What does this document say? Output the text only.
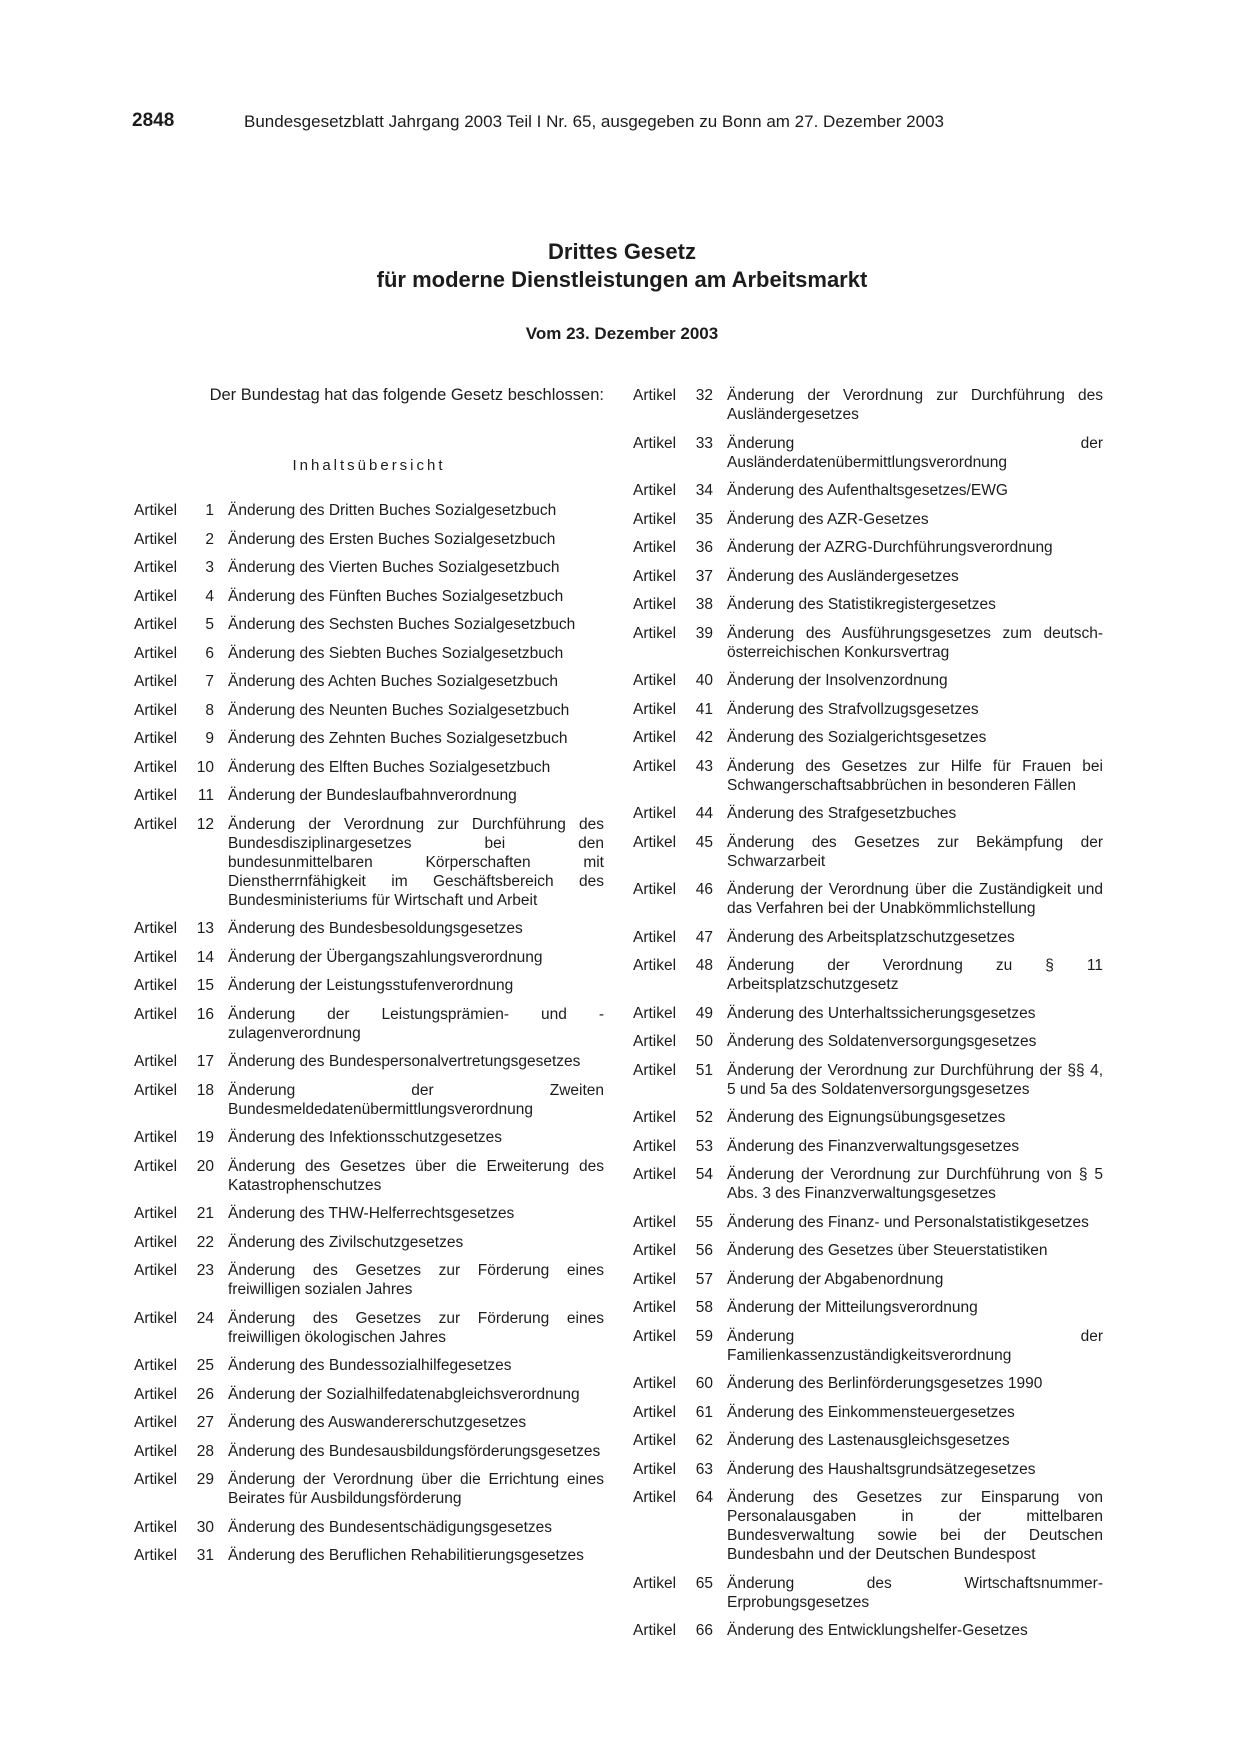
2848	Bundesgesetzblatt Jahrgang 2003 Teil I Nr. 65, ausgegeben zu Bonn am 27. Dezember 2003
Drittes Gesetz
für moderne Dienstleistungen am Arbeitsmarkt
Vom 23. Dezember 2003
Der Bundestag hat das folgende Gesetz beschlossen:
Inhaltsübersicht
Artikel	1 Änderung des Dritten Buches Sozialgesetzbuch
Artikel	2 Änderung des Ersten Buches Sozialgesetzbuch
Artikel	3 Änderung des Vierten Buches Sozialgesetzbuch
Artikel	4 Änderung des Fünften Buches Sozialgesetzbuch
Artikel	5 Änderung des Sechsten Buches Sozialgesetzbuch
Artikel	6 Änderung des Siebten Buches Sozialgesetzbuch
Artikel	7 Änderung des Achten Buches Sozialgesetzbuch
Artikel	8 Änderung des Neunten Buches Sozialgesetzbuch
Artikel	9 Änderung des Zehnten Buches Sozialgesetzbuch
Artikel	10 Änderung des Elften Buches Sozialgesetzbuch
Artikel	11 Änderung der Bundeslaufbahnverordnung
Artikel	12 Änderung der Verordnung zur Durchführung des Bundesdisziplinargesetzes bei den bundesunmittelbaren Körperschaften mit Dienstherrnfähigkeit im Geschäftsbereich des Bundesministeriums für Wirtschaft und Arbeit
Artikel	13 Änderung des Bundesbesoldungsgesetzes
Artikel	14 Änderung der Übergangszahlungsverordnung
Artikel	15 Änderung der Leistungsstufenverordnung
Artikel	16 Änderung der Leistungsprämien- und -zulagenverordnung
Artikel	17 Änderung des Bundespersonalvertretungsgesetzes
Artikel	18 Änderung der Zweiten Bundesmeldedatenübermittlungsverordnung
Artikel	19 Änderung des Infektionsschutzgesetzes
Artikel	20 Änderung des Gesetzes über die Erweiterung des Katastrophenschutzes
Artikel	21 Änderung des THW-Helferrechtsgesetzes
Artikel	22 Änderung des Zivilschutzgesetzes
Artikel	23 Änderung des Gesetzes zur Förderung eines freiwilligen sozialen Jahres
Artikel	24 Änderung des Gesetzes zur Förderung eines freiwilligen ökologischen Jahres
Artikel	25 Änderung des Bundessozialhilfegesetzes
Artikel	26 Änderung der Sozialhilfedatenabgleichsverordnung
Artikel	27 Änderung des Auswandererschutzgesetzes
Artikel	28 Änderung des Bundesausbildungsförderungsgesetzes
Artikel	29 Änderung der Verordnung über die Errichtung eines Beirates für Ausbildungsförderung
Artikel	30 Änderung des Bundesentschädigungsgesetzes
Artikel	31 Änderung des Beruflichen Rehabilitierungsgesetzes
Artikel	32 Änderung der Verordnung zur Durchführung des Ausländergesetzes
Artikel	33 Änderung der Ausländerdatenübermittlungsverordnung
Artikel	34 Änderung des Aufenthaltsgesetzes/EWG
Artikel	35 Änderung des AZR-Gesetzes
Artikel	36 Änderung der AZRG-Durchführungsverordnung
Artikel	37 Änderung des Ausländergesetzes
Artikel	38 Änderung des Statistikregistergesetzes
Artikel	39 Änderung des Ausführungsgesetzes zum deutsch-österreichischen Konkursvertrag
Artikel	40 Änderung der Insolvenzordnung
Artikel	41 Änderung des Strafvollzugsgesetzes
Artikel	42 Änderung des Sozialgerichtsgesetzes
Artikel	43 Änderung des Gesetzes zur Hilfe für Frauen bei Schwangerschaftsabbrüchen in besonderen Fällen
Artikel	44 Änderung des Strafgesetzbuches
Artikel	45 Änderung des Gesetzes zur Bekämpfung der Schwarzarbeit
Artikel	46 Änderung der Verordnung über die Zuständigkeit und das Verfahren bei der Unabkömmlichstellung
Artikel	47 Änderung des Arbeitsplatzschutzgesetzes
Artikel	48 Änderung der Verordnung zu § 11 Arbeitsplatzschutzgesetz
Artikel	49 Änderung des Unterhaltssicherungsgesetzes
Artikel	50 Änderung des Soldatenversorgungsgesetzes
Artikel	51 Änderung der Verordnung zur Durchführung der §§ 4, 5 und 5a des Soldatenversorgungsgesetzes
Artikel	52 Änderung des Eignungsübungsgesetzes
Artikel	53 Änderung des Finanzverwaltungsgesetzes
Artikel	54 Änderung der Verordnung zur Durchführung von § 5 Abs. 3 des Finanzverwaltungsgesetzes
Artikel	55 Änderung des Finanz- und Personalstatistikgesetzes
Artikel	56 Änderung des Gesetzes über Steuerstatistiken
Artikel	57 Änderung der Abgabenordnung
Artikel	58 Änderung der Mitteilungsverordnung
Artikel	59 Änderung der Familienkassenzuständigkeitsverordnung
Artikel	60 Änderung des Berlinförderungsgesetzes 1990
Artikel	61 Änderung des Einkommensteuergesetzes
Artikel	62 Änderung des Lastenausgleichsgesetzes
Artikel	63 Änderung des Haushaltsgrundsätzegesetzes
Artikel	64 Änderung des Gesetzes zur Einsparung von Personalausgaben in der mittelbaren Bundesverwaltung sowie bei der Deutschen Bundesbahn und der Deutschen Bundespost
Artikel	65 Änderung des Wirtschaftsnummer-Erprobungsgesetzes
Artikel	66 Änderung des Entwicklungshelfer-Gesetzes
